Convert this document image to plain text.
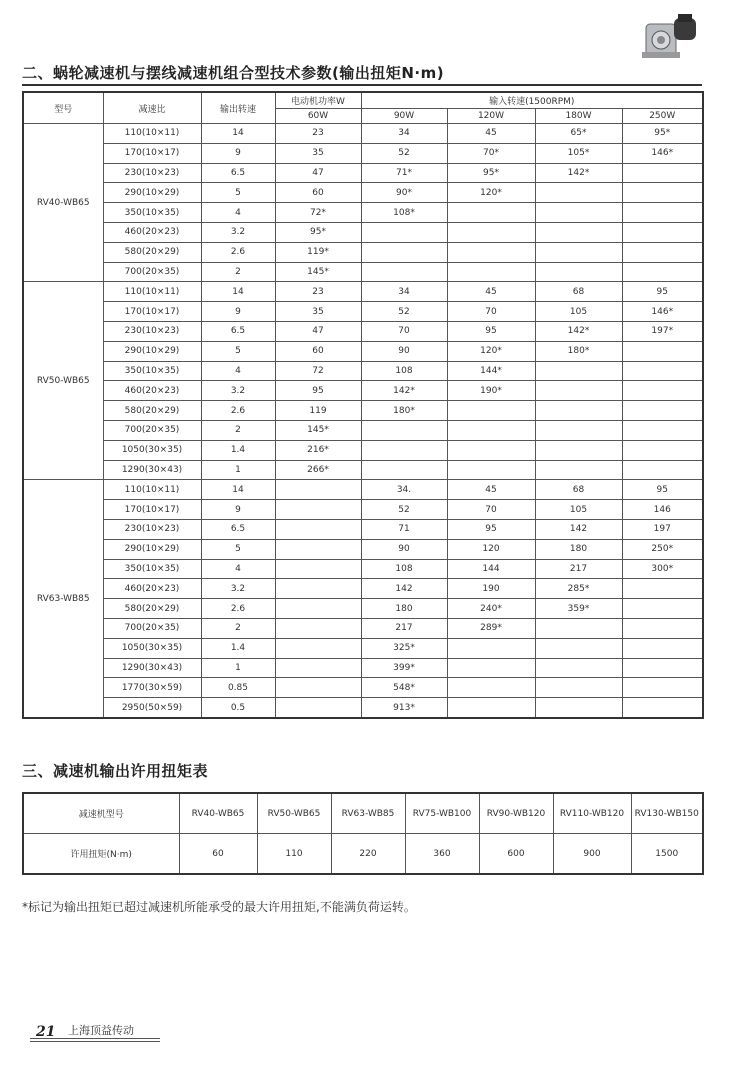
二、蜗轮减速机与摆线减速机组合型技术参数(输出扭矩N·m)
型号	减速比	输出转速	电动机功率W	输入转速(1500RPM)			
			60W	90W	120W	180W	250W
RV40-WB65	110(10×11)	14	23	34	45	65*	95*
	170(10×17)	9	35	52	70*	105*	146*
	230(10×23)	6.5	47	71*	95*	142*	
	290(10×29)	5	60	90*	120*		
	350(10×35)	4	72*	108*			
	460(20×23)	3.2	95*				
	580(20×29)	2.6	119*				
	700(20×35)	2	145*				
RV50-WB65	110(10×11)	14	23	34	45	68	95
	170(10×17)	9	35	52	70	105	146*
	230(10×23)	6.5	47	70	95	142*	197*
	290(10×29)	5	60	90	120*	180*	
	350(10×35)	4	72	108	144*		
	460(20×23)	3.2	95	142*	190*		
	580(20×29)	2.6	119	180*			
	700(20×35)	2	145*				
	1050(30×35)	1.4	216*				
	1290(30×43)	1	266*				
RV63-WB85	110(10×11)	14		34.	45	68	95
	170(10×17)	9		52	70	105	146
	230(10×23)	6.5		71	95	142	197
	290(10×29)	5		90	120	180	250*
	350(10×35)	4		108	144	217	300*
	460(20×23)	3.2		142	190	285*	
	580(20×29)	2.6		180	240*	359*	
	700(20×35)	2		217	289*		
	1050(30×35)	1.4		325*			
	1290(30×43)	1		399*			
	1770(30×59)	0.85		548*			
	2950(50×59)	0.5		913*			
三、减速机输出许用扭矩表
减速机型号	RV40-WB65	RV50-WB65	RV63-WB85	RV75-WB100	RV90-WB120	RV110-WB120	RV130-WB150
许用扭矩(N·m)	60	110	220	360	600	900	1500
*标记为输出扭矩已超过减速机所能承受的最大许用扭矩,不能满负荷运转。
21 上海顶益传动
